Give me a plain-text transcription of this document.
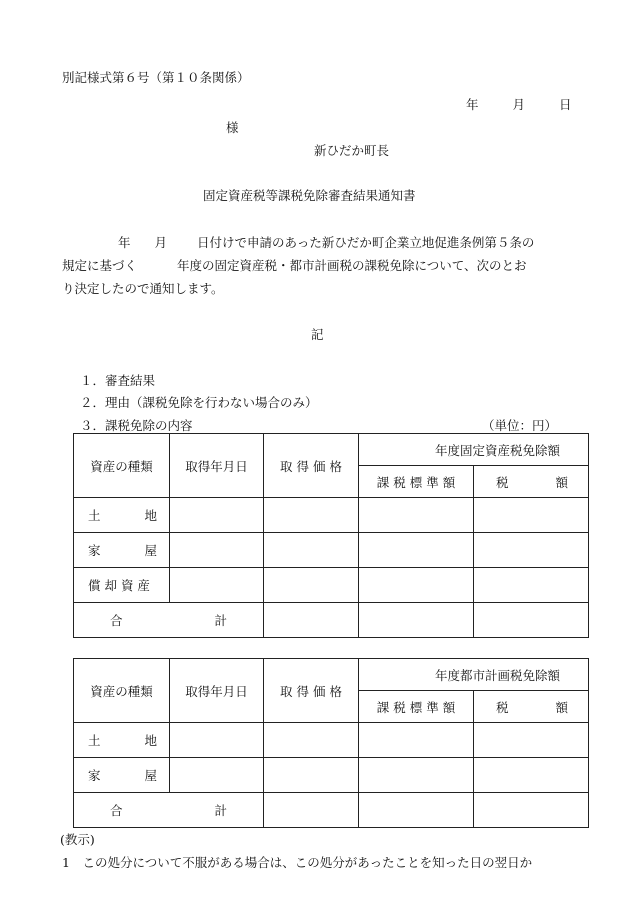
別記様式第６号（第１０条関係）
年	月	日
様
新ひだか町長
固定資産税等課税免除審査結果通知書
年 月 日付けで申請のあった新ひだか町企業立地促進条例第５条の
規定に基づく	年度の固定資産税・都市計画税の課税免除について、次のとお
り決定したので通知します。
記
１．審査結果
２．理由（課税免除を行わない場合のみ）
３．課税免除の内容	（単位：円）
資産の種類	取得年月日	取 得 価 格	年度固定資産税免除額	
			課 税 標 準 額	税 額

土 地				

家 屋				

償 却 資 産				

合 計				

資産の種類	取得年月日	取 得 価 格	年度都市計画税免除額	
			課 税 標 準 額	税 額

土 地				

家 屋				

合 計				

(教示)
1　この処分について不服がある場合は、この処分があったことを知った日の翌日か
